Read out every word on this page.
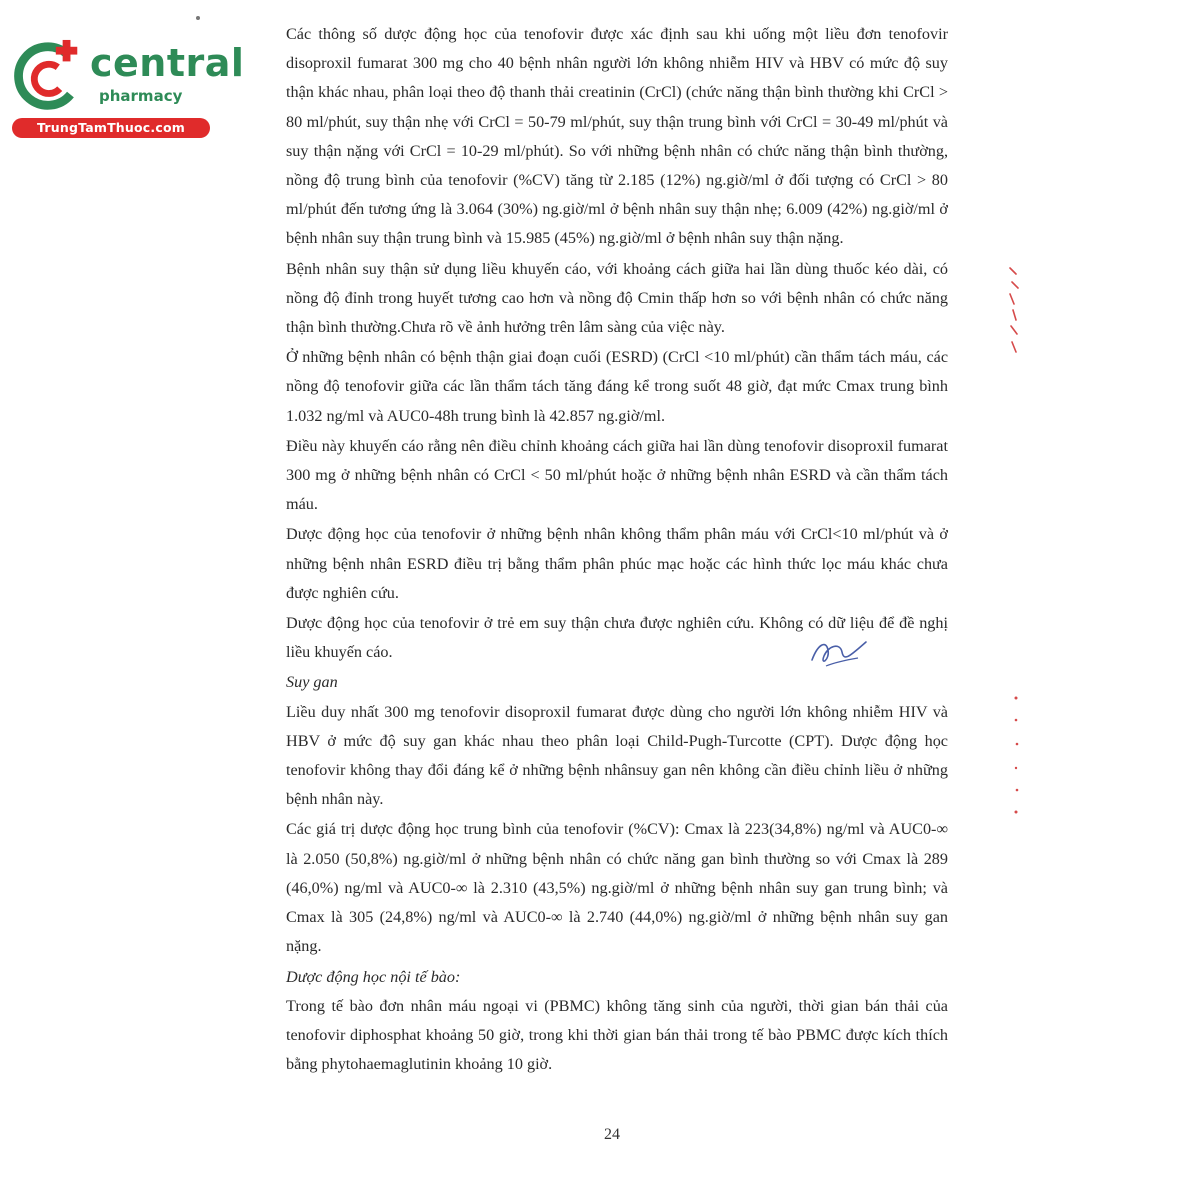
central
pharmacy
TrungTamThuoc.com

Các thông số dược động học của tenofovir được xác định sau khi uống một liều đơn tenofovir disoproxil fumarat 300 mg cho 40 bệnh nhân người lớn không nhiễm HIV và HBV có mức độ suy thận khác nhau, phân loại theo độ thanh thải creatinin (CrCl) (chức năng thận bình thường khi CrCl > 80 ml/phút, suy thận nhẹ với CrCl = 50-79 ml/phút, suy thận trung bình với CrCl = 30-49 ml/phút và suy thận nặng với CrCl = 10-29 ml/phút). So với những bệnh nhân có chức năng thận bình thường, nồng độ trung bình của tenofovir (%CV) tăng từ 2.185 (12%) ng.giờ/ml ở đối tượng có CrCl > 80 ml/phút đến tương ứng là 3.064 (30%) ng.giờ/ml ở bệnh nhân suy thận nhẹ; 6.009 (42%) ng.giờ/ml ở bệnh nhân suy thận trung bình và 15.985 (45%) ng.giờ/ml ở bệnh nhân suy thận nặng.

Bệnh nhân suy thận sử dụng liều khuyến cáo, với khoảng cách giữa hai lần dùng thuốc kéo dài, có nồng độ đỉnh trong huyết tương cao hơn và nồng độ Cmin thấp hơn so với bệnh nhân có chức năng thận bình thường.Chưa rõ về ảnh hưởng trên lâm sàng của việc này.

Ở những bệnh nhân có bệnh thận giai đoạn cuối (ESRD) (CrCl <10 ml/phút) cần thẩm tách máu, các nồng độ tenofovir giữa các lần thẩm tách tăng đáng kể trong suốt 48 giờ, đạt mức Cmax trung bình 1.032 ng/ml và AUC0-48h trung bình là 42.857 ng.giờ/ml.

Điều này khuyến cáo rằng nên điều chỉnh khoảng cách giữa hai lần dùng tenofovir disoproxil fumarat 300 mg ở những bệnh nhân có CrCl < 50 ml/phút hoặc ở những bệnh nhân ESRD và cần thẩm tách máu.

Dược động học của tenofovir ở những bệnh nhân không thẩm phân máu với CrCl<10 ml/phút và ở những bệnh nhân ESRD điều trị bằng thẩm phân phúc mạc hoặc các hình thức lọc máu khác chưa được nghiên cứu.

Dược động học của tenofovir ở trẻ em suy thận chưa được nghiên cứu. Không có dữ liệu để đề nghị liều khuyến cáo.

Suy gan

Liều duy nhất 300 mg tenofovir disoproxil fumarat được dùng cho người lớn không nhiễm HIV và HBV ở mức độ suy gan khác nhau theo phân loại Child-Pugh-Turcotte (CPT). Dược động học tenofovir không thay đổi đáng kể ở những bệnh nhânsuy gan nên không cần điều chỉnh liều ở những bệnh nhân này.

Các giá trị dược động học trung bình của tenofovir (%CV): Cmax là 223(34,8%) ng/ml và AUC0-∞ là 2.050 (50,8%) ng.giờ/ml ở những bệnh nhân có chức năng gan bình thường so với Cmax là 289 (46,0%) ng/ml và AUC0-∞ là 2.310 (43,5%) ng.giờ/ml ở những bệnh nhân suy gan trung bình; và Cmax là 305 (24,8%) ng/ml và AUC0-∞ là 2.740 (44,0%) ng.giờ/ml ở những bệnh nhân suy gan nặng.

Dược động học nội tế bào:

Trong tế bào đơn nhân máu ngoại vi (PBMC) không tăng sinh của người, thời gian bán thải của tenofovir diphosphat khoảng 50 giờ, trong khi thời gian bán thải trong tế bào PBMC được kích thích bằng phytohaemaglutinin khoảng 10 giờ.

24
